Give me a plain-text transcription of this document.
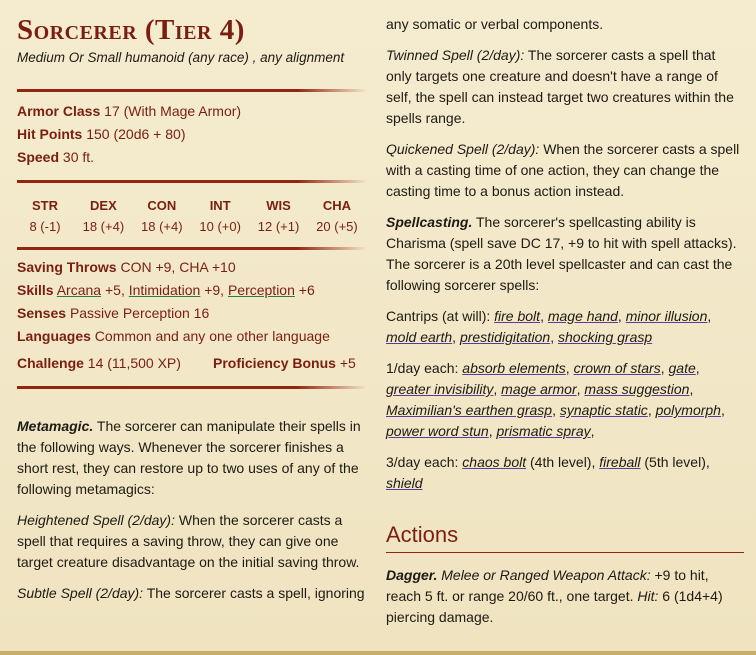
Sorcerer (Tier 4)
Medium Or Small humanoid (any race) , any alignment
Armor Class 17 (With Mage Armor)
Hit Points 150 (20d6 + 80)
Speed 30 ft.
STR
8 (-1)
DEX
18 (+4)
CON
18 (+4)
INT
10 (+0)
WIS
12 (+1)
CHA
20 (+5)
Saving Throws CON +9, CHA +10
Skills Arcana +5, Intimidation +9, Perception +6
Senses Passive Perception 16
Languages Common and any one other language
Challenge 14 (11,500 XP)	Proficiency Bonus +5

Metamagic. The sorcerer can manipulate their spells in the following ways. Whenever the sorcerer finishes a short rest, they can restore up to two uses of any of the following metamagics:

Heightened Spell (2/day): When the sorcerer casts a spell that requires a saving throw, they can give one target creature disadvantage on the initial saving throw.

Subtle Spell (2/day): The sorcerer casts a spell, ignoring

any somatic or verbal components.

Twinned Spell (2/day): The sorcerer casts a spell that only targets one creature and doesn't have a range of self, the spell can instead target two creatures within the spells range.

Quickened Spell (2/day): When the sorcerer casts a spell with a casting time of one action, they can change the casting time to a bonus action instead.

Spellcasting. The sorcerer's spellcasting ability is Charisma (spell save DC 17, +9 to hit with spell attacks). The sorcerer is a 20th level spellcaster and can cast the following sorcerer spells:

Cantrips (at will): fire bolt, mage hand, minor illusion, mold earth, prestidigitation, shocking grasp

1/day each: absorb elements, crown of stars, gate, greater invisibility, mage armor, mass suggestion, Maximilian's earthen grasp, synaptic static, polymorph, power word stun, prismatic spray,

3/day each: chaos bolt (4th level), fireball (5th level), shield

Actions

Dagger. Melee or Ranged Weapon Attack: +9 to hit, reach 5 ft. or range 20/60 ft., one target. Hit: 6 (1d4+4) piercing damage.
